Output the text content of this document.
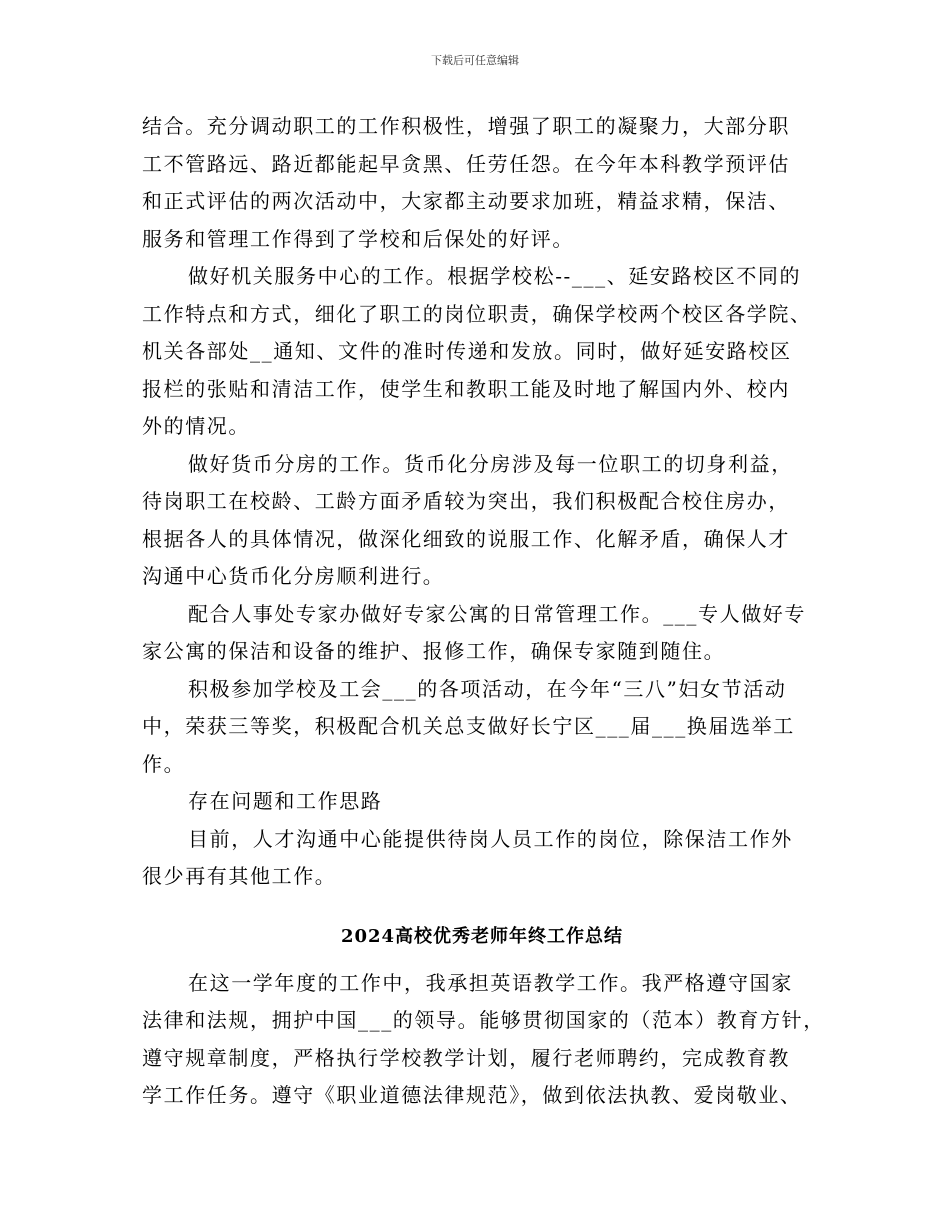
下载后可任意编辑
结合。充分调动职工的工作积极性，增强了职工的凝聚力，大部分职
工不管路远、路近都能起早贪黑、任劳任怨。在今年本科教学预评估
和正式评估的两次活动中，大家都主动要求加班，精益求精，保洁、
服务和管理工作得到了学校和后保处的好评。
做好机关服务中心的工作。根据学校松--___、延安路校区不同的
工作特点和方式，细化了职工的岗位职责，确保学校两个校区各学院、
机关各部处__通知、文件的准时传递和发放。同时，做好延安路校区
报栏的张贴和清洁工作，使学生和教职工能及时地了解国内外、校内
外的情况。
做好货币分房的工作。货币化分房涉及每一位职工的切身利益，
待岗职工在校龄、工龄方面矛盾较为突出，我们积极配合校住房办，
根据各人的具体情况，做深化细致的说服工作、化解矛盾，确保人才
沟通中心货币化分房顺利进行。
配合人事处专家办做好专家公寓的日常管理工作。___专人做好专
家公寓的保洁和设备的维护、报修工作，确保专家随到随住。
积极参加学校及工会___的各项活动，在今年“三八”妇女节活动
中，荣获三等奖，积极配合机关总支做好长宁区___届___换届选举工
作。
存在问题和工作思路
目前，人才沟通中心能提供待岗人员工作的岗位，除保洁工作外
很少再有其他工作。
2024高校优秀老师年终工作总结
在这一学年度的工作中，我承担英语教学工作。我严格遵守国家
法律和法规，拥护中国___的领导。能够贯彻国家的（范本）教育方针，
遵守规章制度，严格执行学校教学计划，履行老师聘约，完成教育教
学工作任务。遵守《职业道德法律规范》，做到依法执教、爱岗敬业、
